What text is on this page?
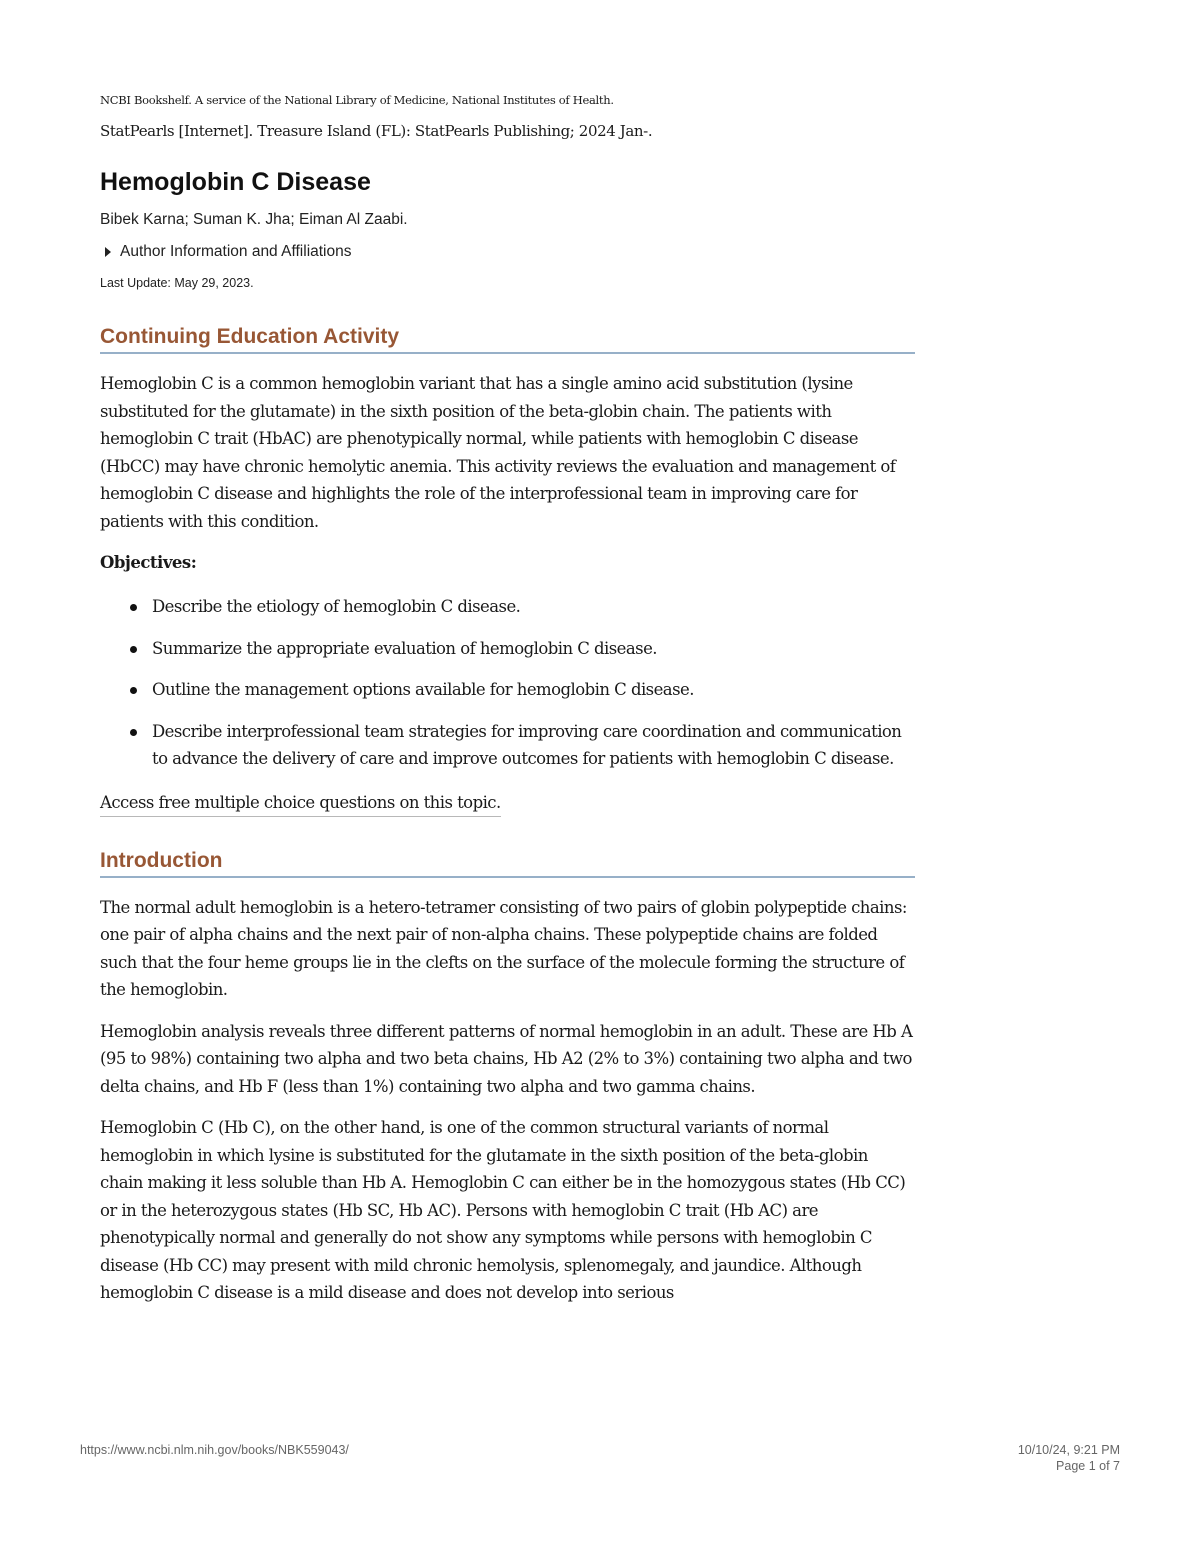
NCBI Bookshelf. A service of the National Library of Medicine, National Institutes of Health.

StatPearls [Internet]. Treasure Island (FL): StatPearls Publishing; 2024 Jan-.

Hemoglobin C Disease

Bibek Karna; Suman K. Jha; Eiman Al Zaabi.

Author Information and Affiliations

Last Update: May 29, 2023.

Continuing Education Activity

Hemoglobin C is a common hemoglobin variant that has a single amino acid substitution (lysine substituted for the glutamate) in the sixth position of the beta-globin chain. The patients with hemoglobin C trait (HbAC) are phenotypically normal, while patients with hemoglobin C disease (HbCC) may have chronic hemolytic anemia. This activity reviews the evaluation and management of hemoglobin C disease and highlights the role of the interprofessional team in improving care for patients with this condition.

Objectives:

Describe the etiology of hemoglobin C disease.
Summarize the appropriate evaluation of hemoglobin C disease.
Outline the management options available for hemoglobin C disease.
Describe interprofessional team strategies for improving care coordination and communication to advance the delivery of care and improve outcomes for patients with hemoglobin C disease.
Access free multiple choice questions on this topic.
Introduction

The normal adult hemoglobin is a hetero-tetramer consisting of two pairs of globin polypeptide chains: one pair of alpha chains and the next pair of non-alpha chains. These polypeptide chains are folded such that the four heme groups lie in the clefts on the surface of the molecule forming the structure of the hemoglobin.

Hemoglobin analysis reveals three different patterns of normal hemoglobin in an adult. These are Hb A (95 to 98%) containing two alpha and two beta chains, Hb A2 (2% to 3%) containing two alpha and two delta chains, and Hb F (less than 1%) containing two alpha and two gamma chains.

Hemoglobin C (Hb C), on the other hand, is one of the common structural variants of normal hemoglobin in which lysine is substituted for the glutamate in the sixth position of the beta-globin chain making it less soluble than Hb A. Hemoglobin C can either be in the homozygous states (Hb CC) or in the heterozygous states (Hb SC, Hb AC). Persons with hemoglobin C trait (Hb AC) are phenotypically normal and generally do not show any symptoms while persons with hemoglobin C disease (Hb CC) may present with mild chronic hemolysis, splenomegaly, and jaundice. Although hemoglobin C disease is a mild disease and does not develop into serious

https://www.ncbi.nlm.nih.gov/books/NBK559043/	10/10/24, 9:21 PM
Page 1 of 7
